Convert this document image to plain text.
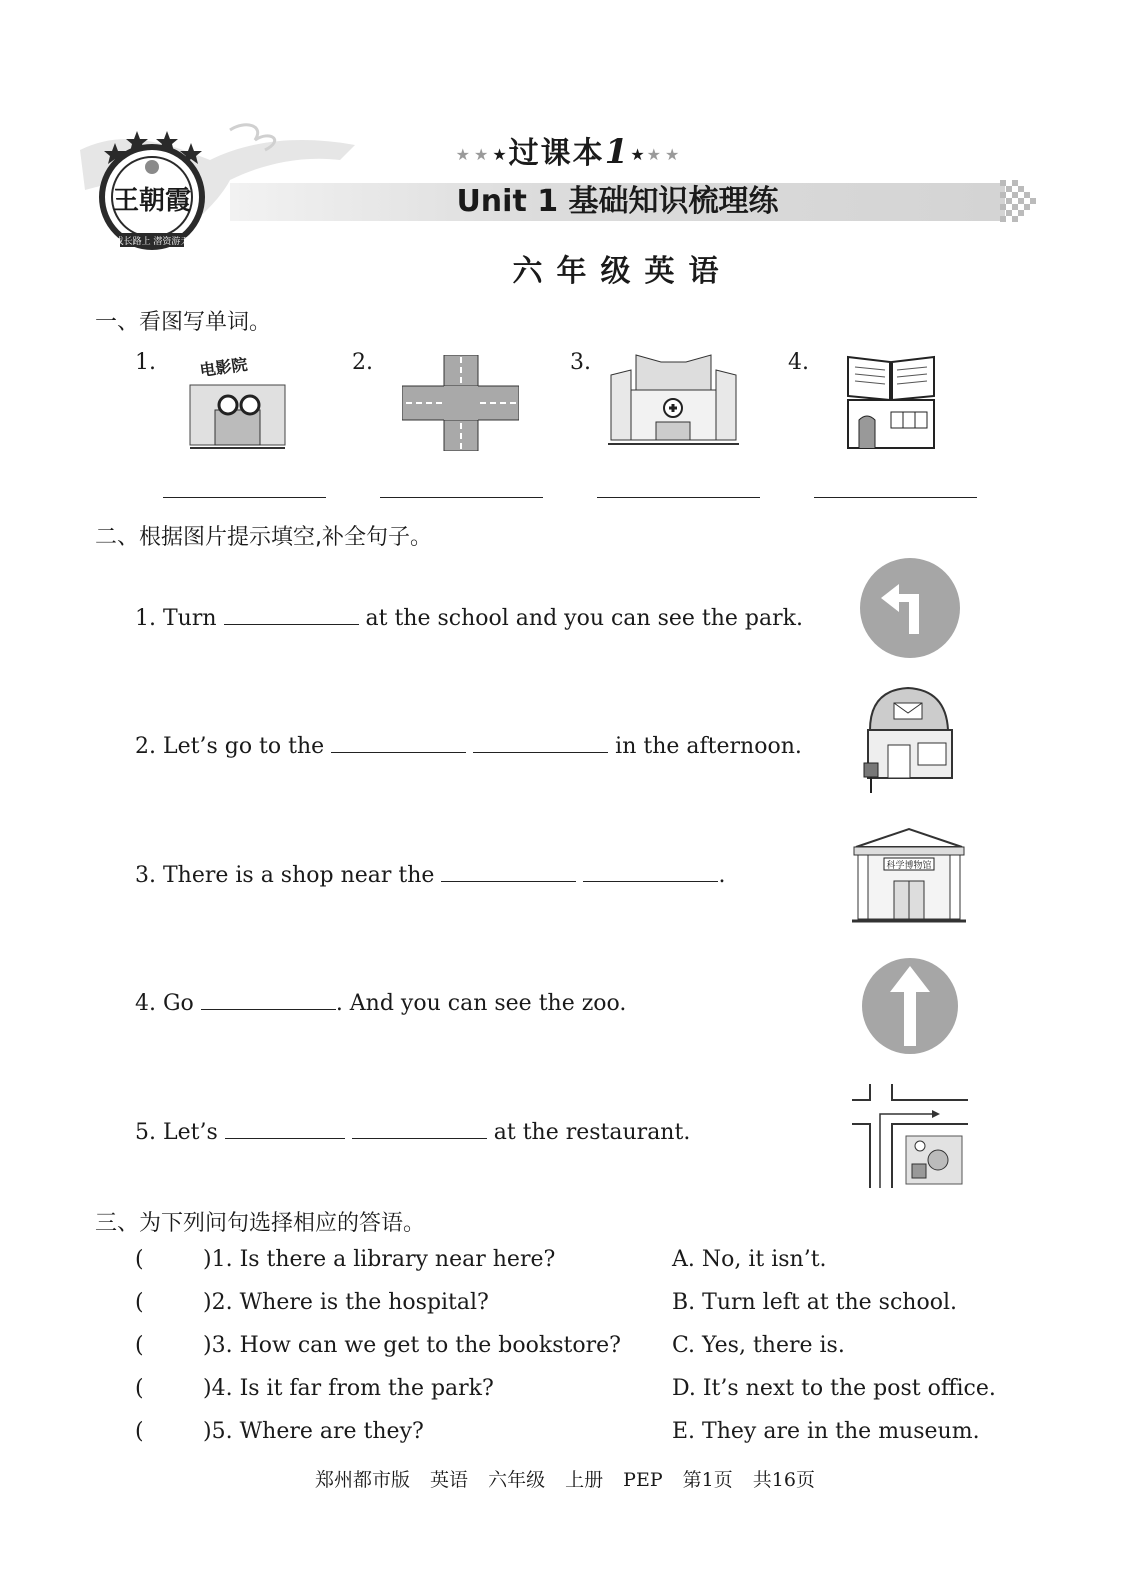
王朝霞
成长路上 潜资游天
★★★过课本1★★★
Unit 1 基础知识梳理练
六年级英语
一、看图写单词。
1.	2.	3.	4.
电影院
二、根据图片提示填空,补全句子。
1. Turn	at the school and you can see the park.
2. Let’s go to the	in the afternoon.
3. There is a shop near the	.
4. Go	. And you can see the zoo.
5. Let’s	at the restaurant.
科学博物馆
三、为下列问句选择相应的答语。
(	)1. Is there a library near here?
(	)2. Where is the hospital?
(	)3. How can we get to the bookstore?
(	)4. Is it far from the park?
(	)5. Where are they?
A. No, it isn’t.
B. Turn left at the school.
C. Yes, there is.
D. It’s next to the post office.
E. They are in the museum.
郑州都市版 英语 六年级 上册 PEP 第1页 共16页
